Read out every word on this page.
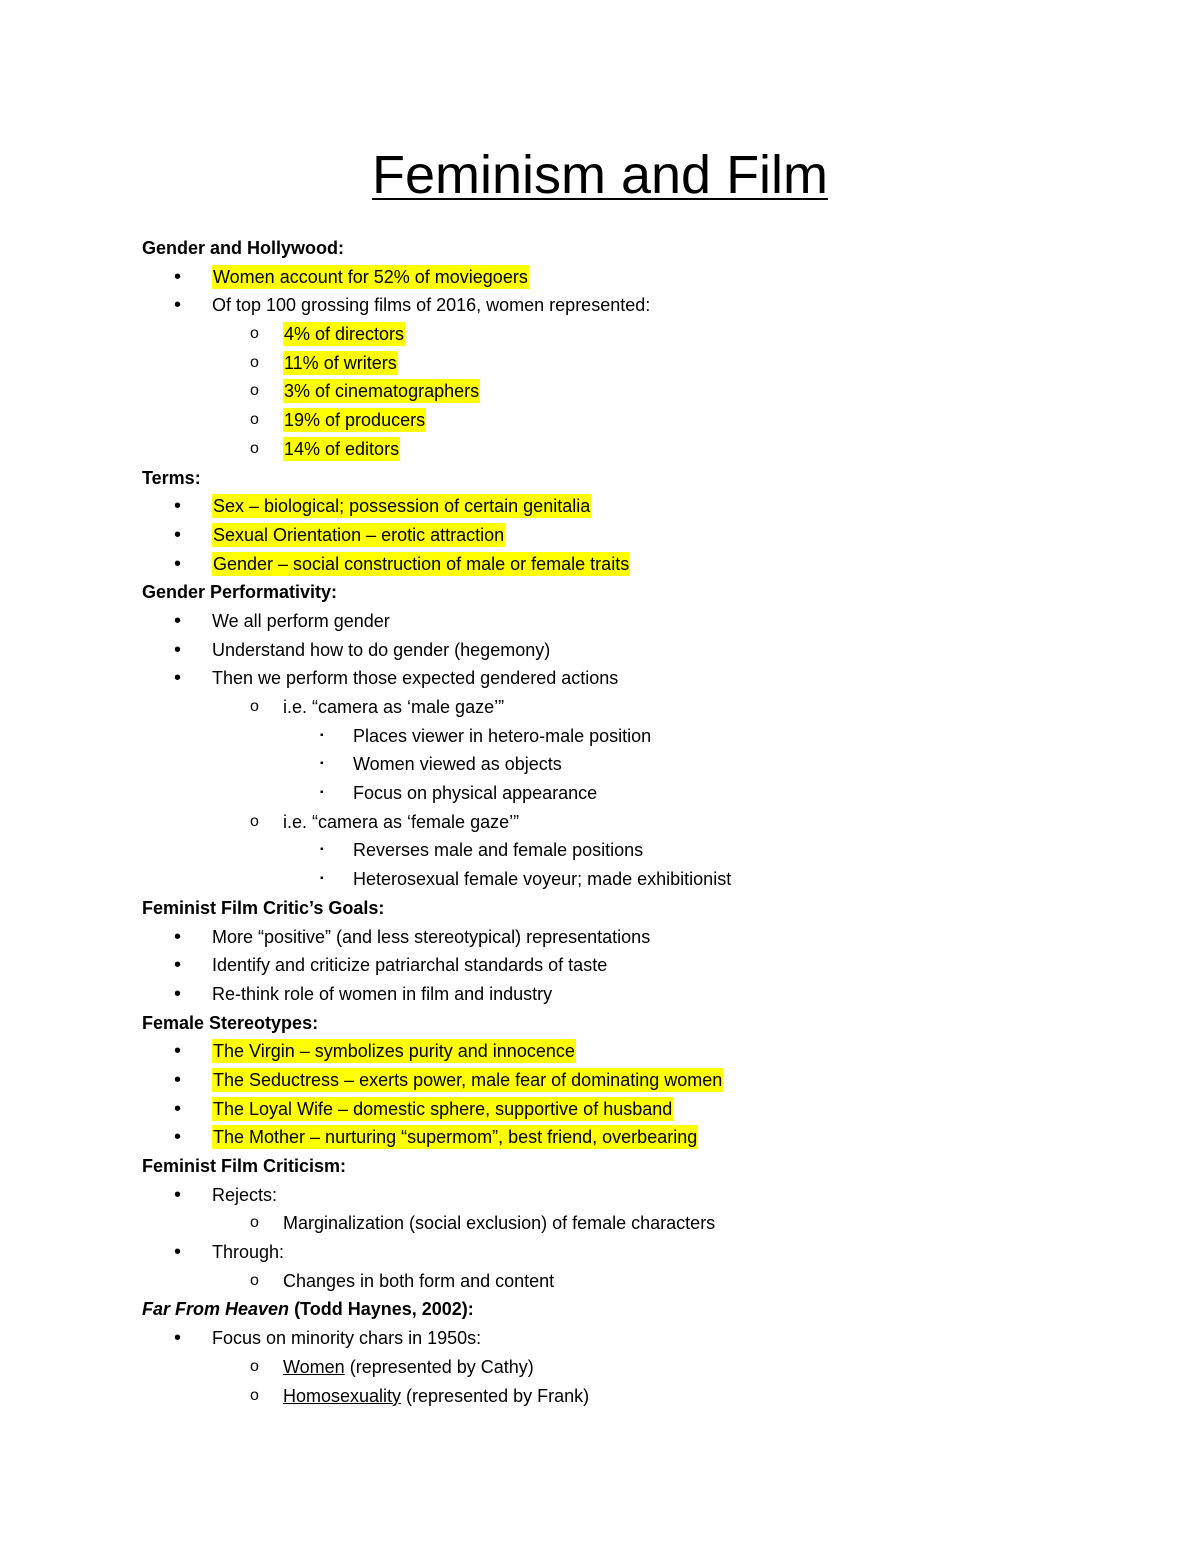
Feminism and Film
Gender and Hollywood:
• Women account for 52% of moviegoers
• Of top 100 grossing films of 2016, women represented:
o 4% of directors
o 11% of writers
o 3% of cinematographers
o 19% of producers
o 14% of editors
Terms:
• Sex – biological; possession of certain genitalia
• Sexual Orientation – erotic attraction
• Gender – social construction of male or female traits
Gender Performativity:
• We all perform gender
• Understand how to do gender (hegemony)
• Then we perform those expected gendered actions
o i.e. “camera as ‘male gaze’”
▪ Places viewer in hetero-male position
▪ Women viewed as objects
▪ Focus on physical appearance
o i.e. “camera as ‘female gaze’”
▪ Reverses male and female positions
▪ Heterosexual female voyeur; made exhibitionist
Feminist Film Critic’s Goals:
• More “positive” (and less stereotypical) representations
• Identify and criticize patriarchal standards of taste
• Re-think role of women in film and industry
Female Stereotypes:
• The Virgin – symbolizes purity and innocence
• The Seductress – exerts power, male fear of dominating women
• The Loyal Wife – domestic sphere, supportive of husband
• The Mother – nurturing “supermom”, best friend, overbearing
Feminist Film Criticism:
• Rejects:
o Marginalization (social exclusion) of female characters
• Through:
o Changes in both form and content
Far From Heaven (Todd Haynes, 2002):
• Focus on minority chars in 1950s:
o Women (represented by Cathy)
o Homosexuality (represented by Frank)
